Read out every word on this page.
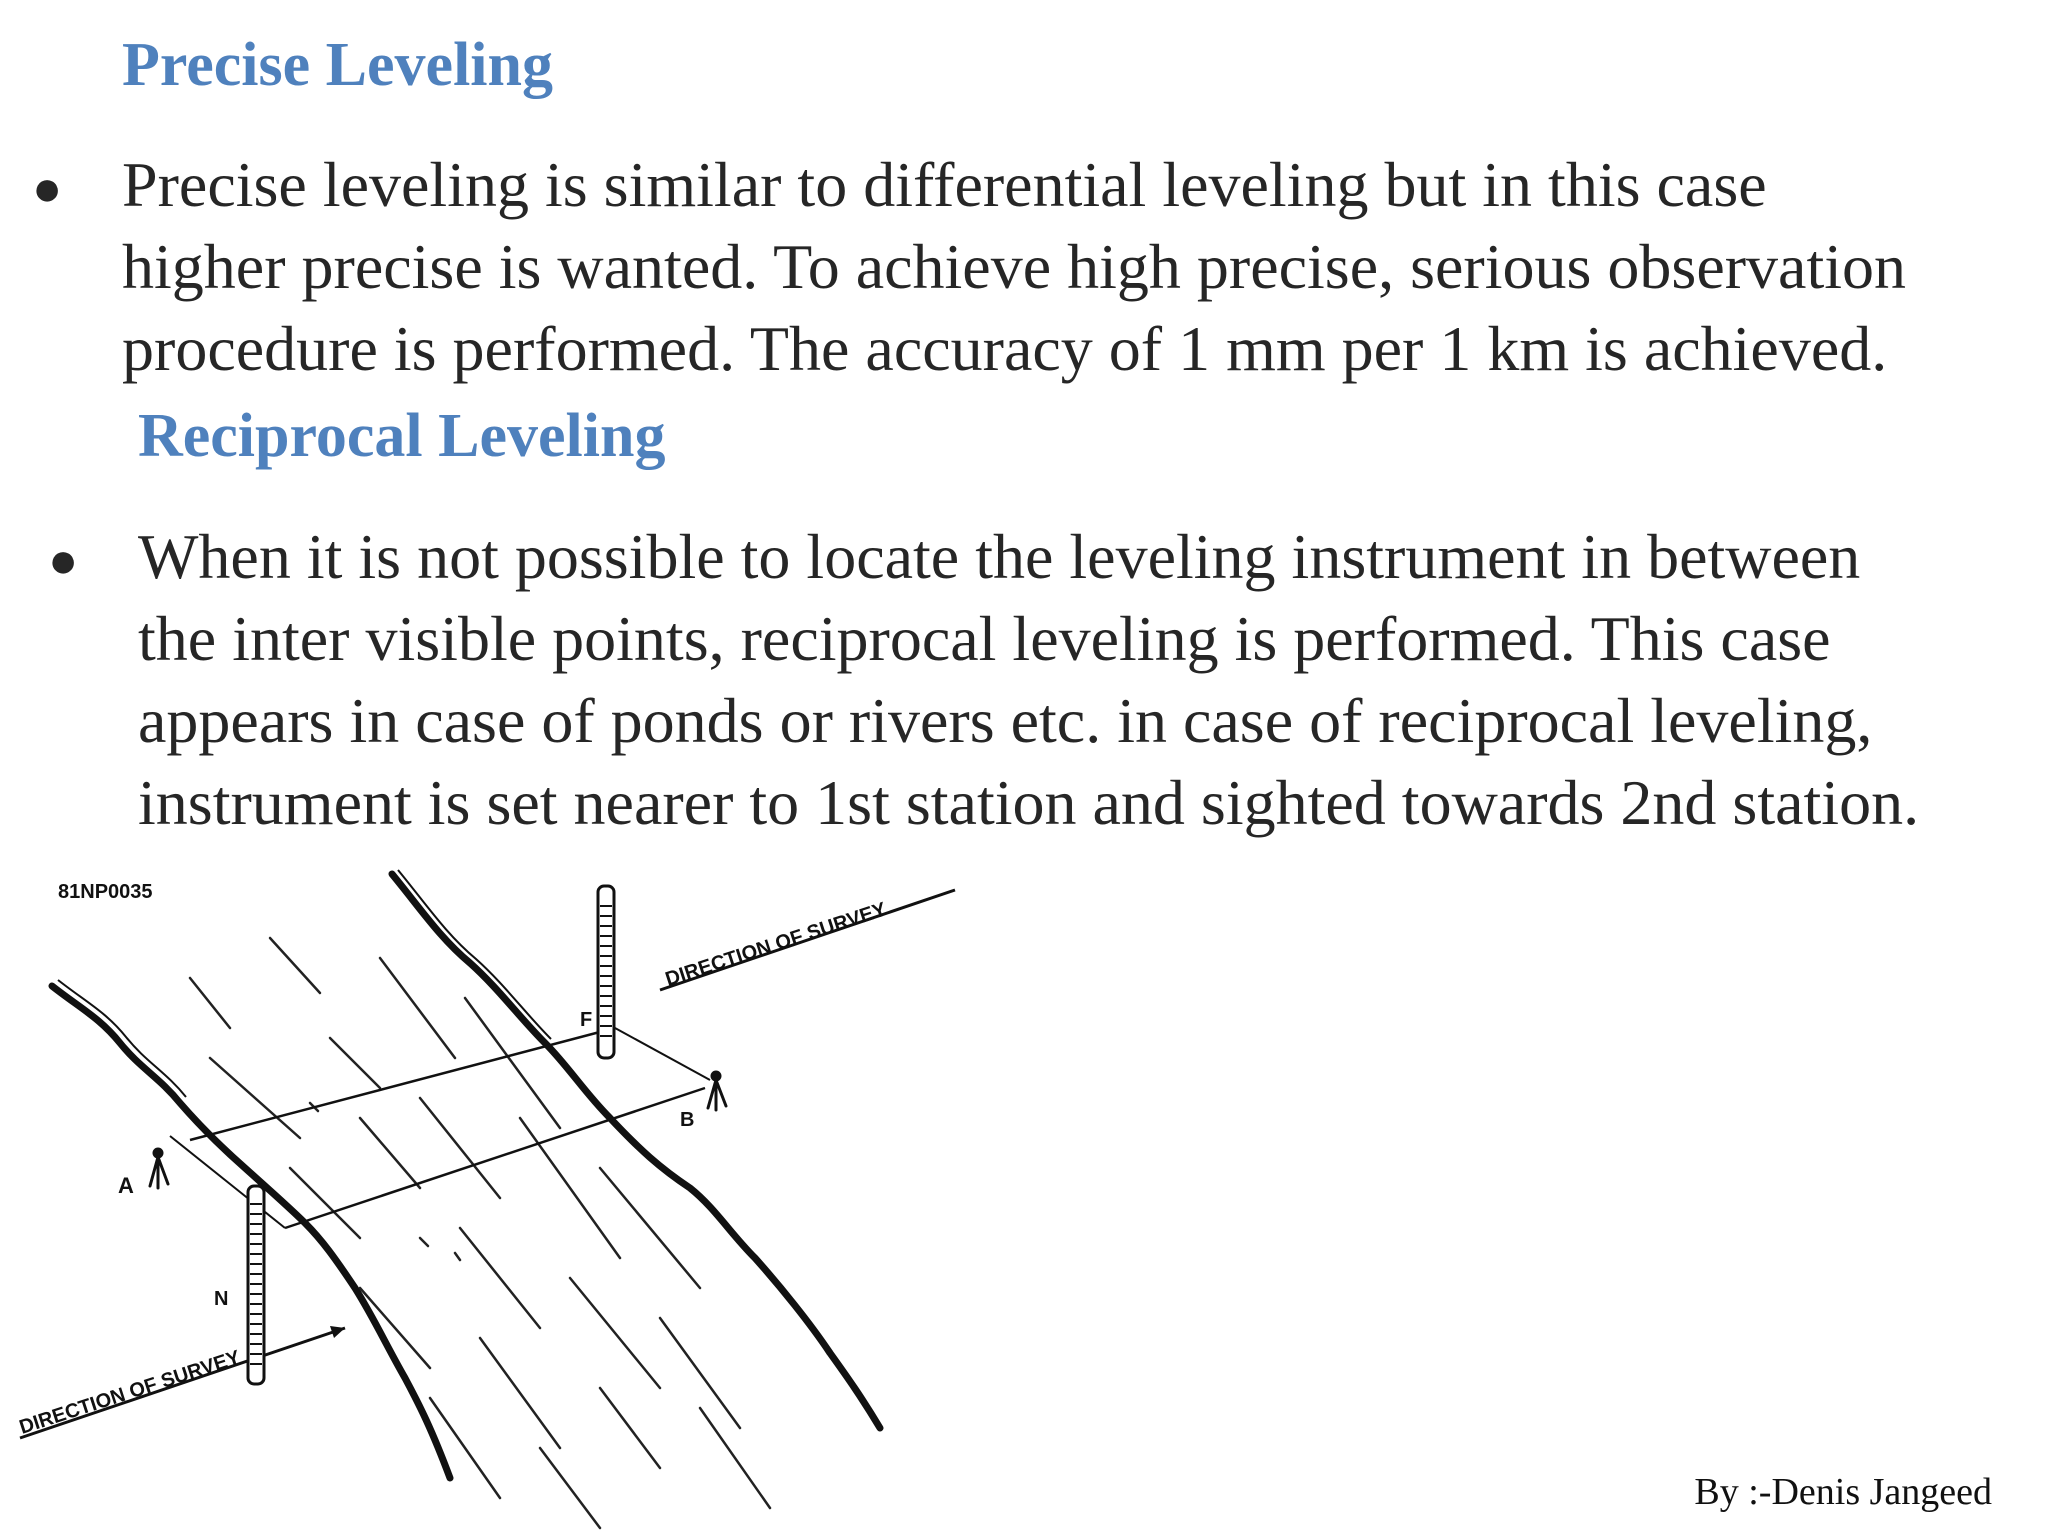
Precise Leveling
● Precise leveling is similar to differential leveling but in this case
higher precise is wanted. To achieve high precise, serious observation
procedure is performed. The accuracy of 1 mm per 1 km is achieved.

Reciprocal Leveling
● When it is not possible to locate the leveling instrument in between
the inter visible points, reciprocal leveling is performed. This case
appears in case of ponds or rivers etc. in case of reciprocal leveling,
instrument is set nearer to 1st station and sighted towards 2nd station.

81NP0035
A
B
F
N
DIRECTION OF SURVEY
DIRECTION OF SURVEY
By :-Denis Jangeed
